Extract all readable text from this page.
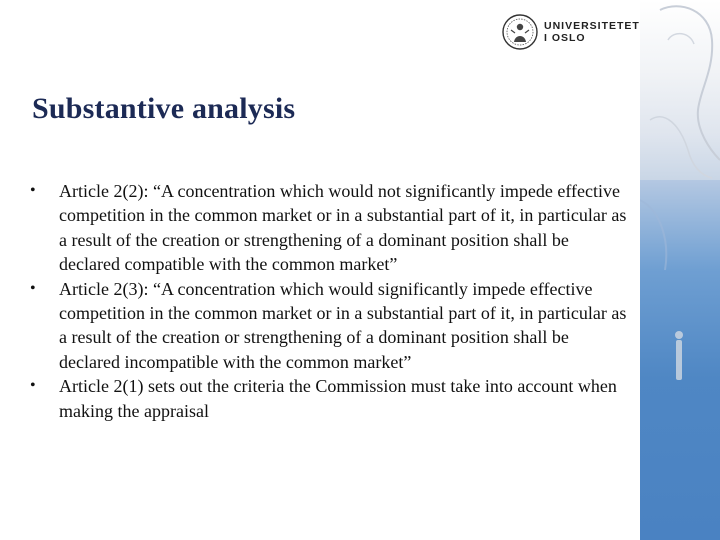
UNIVERSITETET
I OSLO
Substantive analysis
•	Article 2(2): “A concentration which would not significantly impede effective competition in the common market or in a substantial part of it, in particular as a result of the creation or strengthening of a dominant position shall be declared compatible with the common market”
•	Article 2(3): “A concentration which would significantly impede effective competition in the common market or in a substantial part of it, in particular as a result of the creation or strengthening of a dominant position shall be declared incompatible with the common market”
•	Article 2(1) sets out the criteria the Commission must take into account when making the appraisal
